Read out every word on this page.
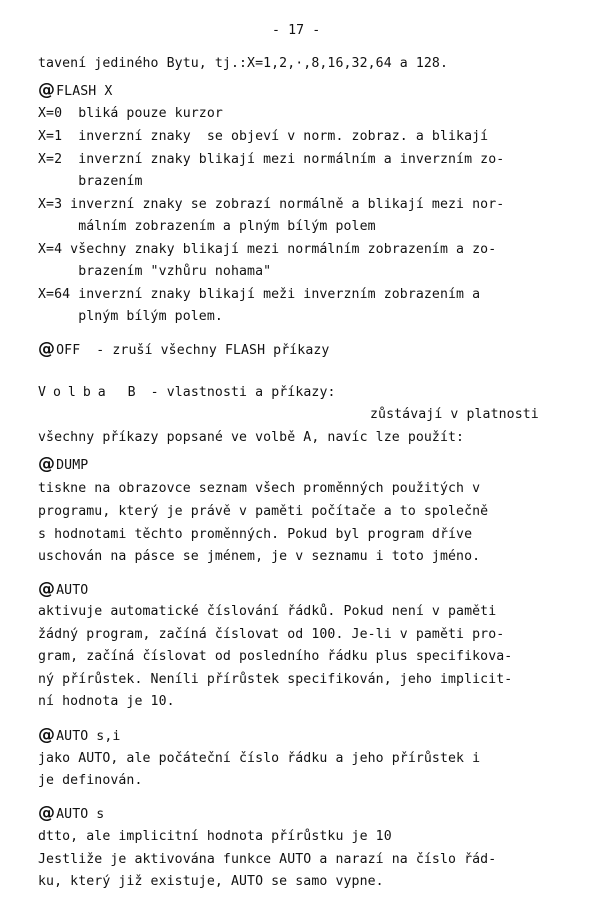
- 17 -
tavení jediného Bytu, tj.:X=1,2,·,8,16,32,64 a 128.
@FLASH X
X=0  bliká pouze kurzor
X=1  inverzní znaky  se objeví v norm. zobraz. a blikají
X=2  inverzní znaky blikají mezi normálním a inverzním zo-
brazením
X=3 inverzní znaky se zobrazí normálně a blikají mezi nor-
málním zobrazením a plným bílým polem
X=4 všechny znaky blikají mezi normálním zobrazením a zo-
brazením "vzhůru nohama"
X=64 inverzní znaky blikají meži inverzním zobrazením a
plným bílým polem.
@OFF  - zruší všechny FLASH příkazy
Volba B - vlastnosti a příkazy:
zůstávají v platnosti
všechny příkazy popsané ve volbě A, navíc lze použít:
@DUMP
tiskne na obrazovce seznam všech proměnných použitých v
programu, který je právě v paměti počítače a to společně
s hodnotami těchto proměnných. Pokud byl program dříve
uschován na pásce se jménem, je v seznamu i toto jméno.
@AUTO
aktivuje automatické číslování řádků. Pokud není v paměti
žádný program, začíná číslovat od 100. Je-li v paměti pro-
gram, začíná číslovat od posledního řádku plus specifikova-
ný přírůstek. Neníli přírůstek specifikován, jeho implicit-
ní hodnota je 10.
@AUTO s,i
jako AUTO, ale počáteční číslo řádku a jeho přírůstek i
je definován.
@AUTO s
dtto, ale implicitní hodnota přírůstku je 10
Jestliže je aktivována funkce AUTO a narazí na číslo řád-
ku, který již existuje, AUTO se samo vypne.
